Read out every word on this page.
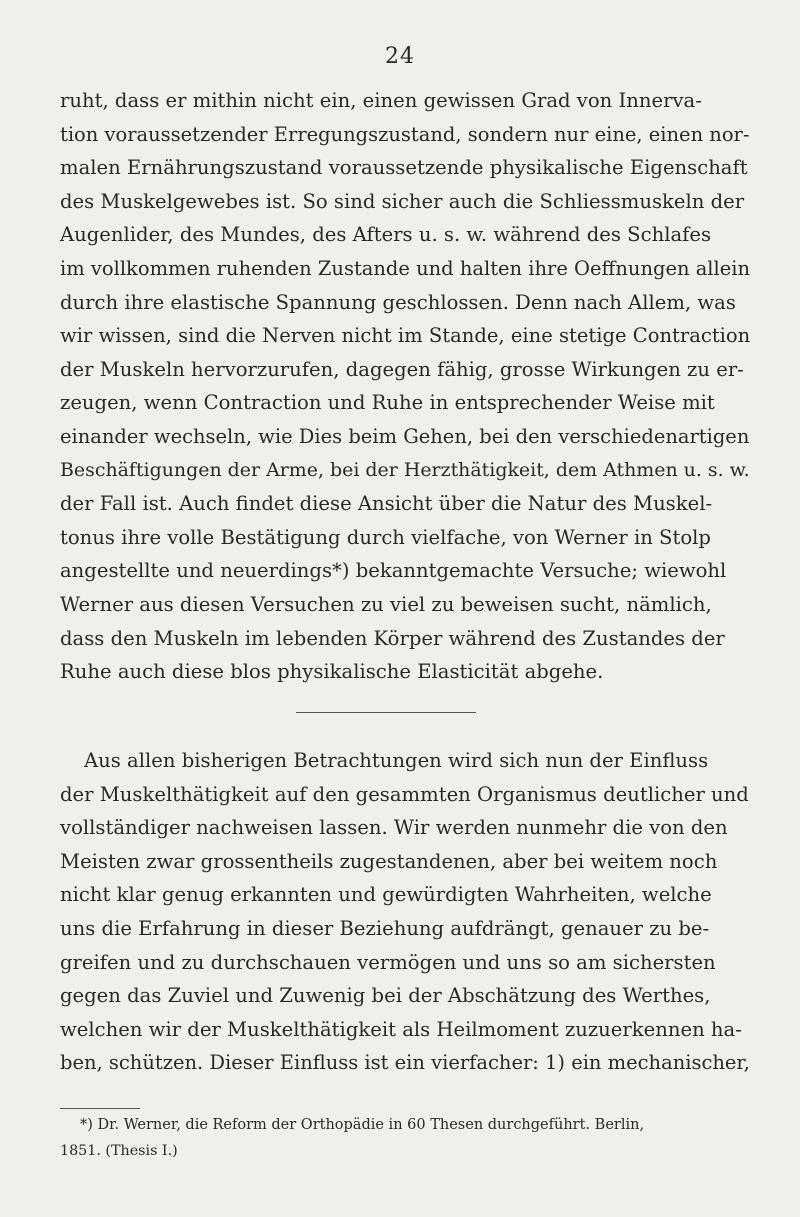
24
ruht, dass er mithin nicht ein, einen gewissen Grad von Innerva-
tion voraussetzender Erregungszustand, sondern nur eine, einen nor-
malen Ernährungszustand voraussetzende physikalische Eigenschaft
des Muskelgewebes ist. So sind sicher auch die Schliessmuskeln der
Augenlider, des Mundes, des Afters u. s. w. während des Schlafes
im vollkommen ruhenden Zustande und halten ihre Oeffnungen allein
durch ihre elastische Spannung geschlossen. Denn nach Allem, was
wir wissen, sind die Nerven nicht im Stande, eine stetige Contraction
der Muskeln hervorzurufen, dagegen fähig, grosse Wirkungen zu er-
zeugen, wenn Contraction und Ruhe in entsprechender Weise mit
einander wechseln, wie Dies beim Gehen, bei den verschiedenartigen
Beschäftigungen der Arme, bei der Herzthätigkeit, dem Athmen u. s. w.
der Fall ist. Auch findet diese Ansicht über die Natur des Muskel-
tonus ihre volle Bestätigung durch vielfache, von Werner in Stolp
angestellte und neuerdings*) bekanntgemachte Versuche; wiewohl
Werner aus diesen Versuchen zu viel zu beweisen sucht, nämlich,
dass den Muskeln im lebenden Körper während des Zustandes der
Ruhe auch diese blos physikalische Elasticität abgehe.
Aus allen bisherigen Betrachtungen wird sich nun der Einfluss
der Muskelthätigkeit auf den gesammten Organismus deutlicher und
vollständiger nachweisen lassen. Wir werden nunmehr die von den
Meisten zwar grossentheils zugestandenen, aber bei weitem noch
nicht klar genug erkannten und gewürdigten Wahrheiten, welche
uns die Erfahrung in dieser Beziehung aufdrängt, genauer zu be-
greifen und zu durchschauen vermögen und uns so am sichersten
gegen das Zuviel und Zuwenig bei der Abschätzung des Werthes,
welchen wir der Muskelthätigkeit als Heilmoment zuzuerkennen ha-
ben, schützen. Dieser Einfluss ist ein vierfacher: 1) ein mechanischer,
*) Dr. Werner, die Reform der Orthopädie in 60 Thesen durchgeführt. Berlin,
1851. (Thesis I.)
